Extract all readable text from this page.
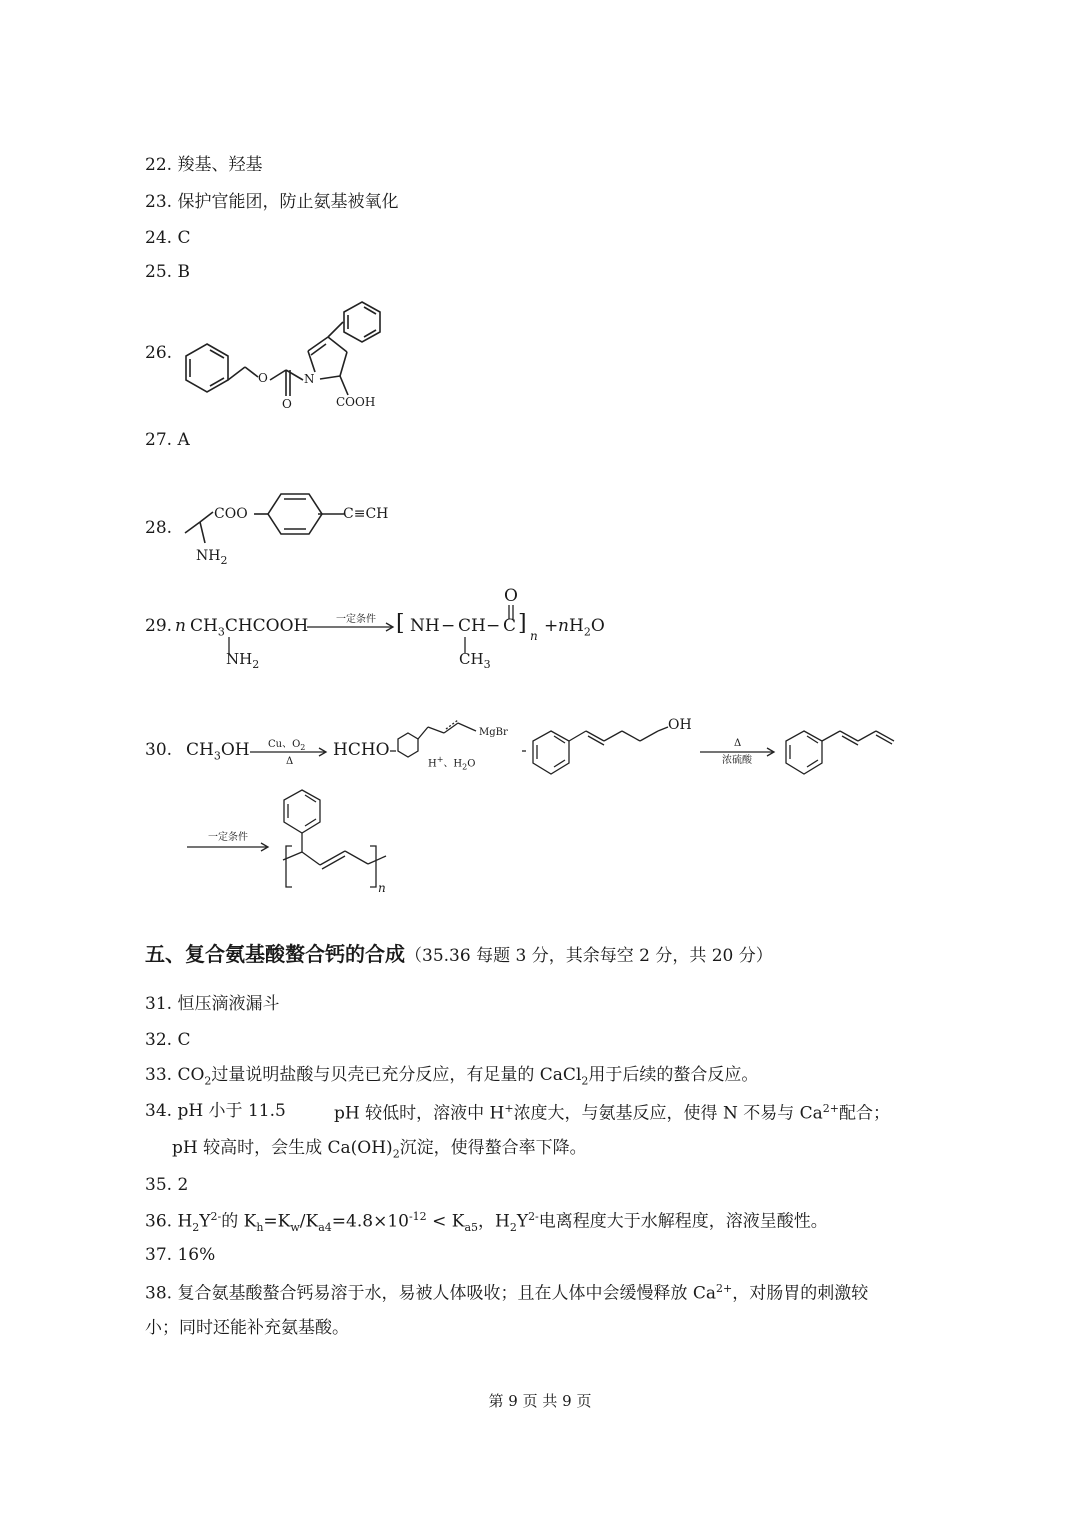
22. 羧基、羟基
23. 保护官能团，防止氨基被氧化
24. C
25. B
26.
O	N
O	COOH
27. A
28.
COO	C≡CH
$NH_2$
29. n $CH_3CHCOOH$
$NH_2$
一定条件 [ NH − CH − C ] n
O
$CH_3$
+ n $H_2O$
30. $CH_3OH$ Cu、$O_2$
Δ
HCHO
MgBr
H+、$H_2O$
OH
Δ
浓硫酸
一定条件
n
五、复合氨基酸螯合钙的合成（35.36 每题 3 分，其余每空 2 分，共 20 分）
31. 恒压滴液漏斗
32. C
33. $CO_2$过量说明盐酸与贝壳已充分反应，有足量的 CaCl$_2$用于后续的螯合反应。
34. pH 小于 11.5	pH 较低时，溶液中 H+浓度大，与氨基反应，使得 N 不易与 $Ca^{2+}$配合；
pH 较高时，会生成 $Ca(OH)_2$沉淀，使得螯合率下降。
35. 2
36. $H_2Y^{2-}$的 $K_h=K_w/K_{a4}=4.8\times 10^{-12} < K_{a5}$，$H_2Y^{2-}$电离程度大于水解程度，溶液呈酸性。
37. 16%
38. 复合氨基酸螯合钙易溶于水，易被人体吸收；且在人体中会缓慢释放 $Ca^{2+}$，对肠胃的刺激较
小；同时还能补充氨基酸。
第 9 页 共 9 页
